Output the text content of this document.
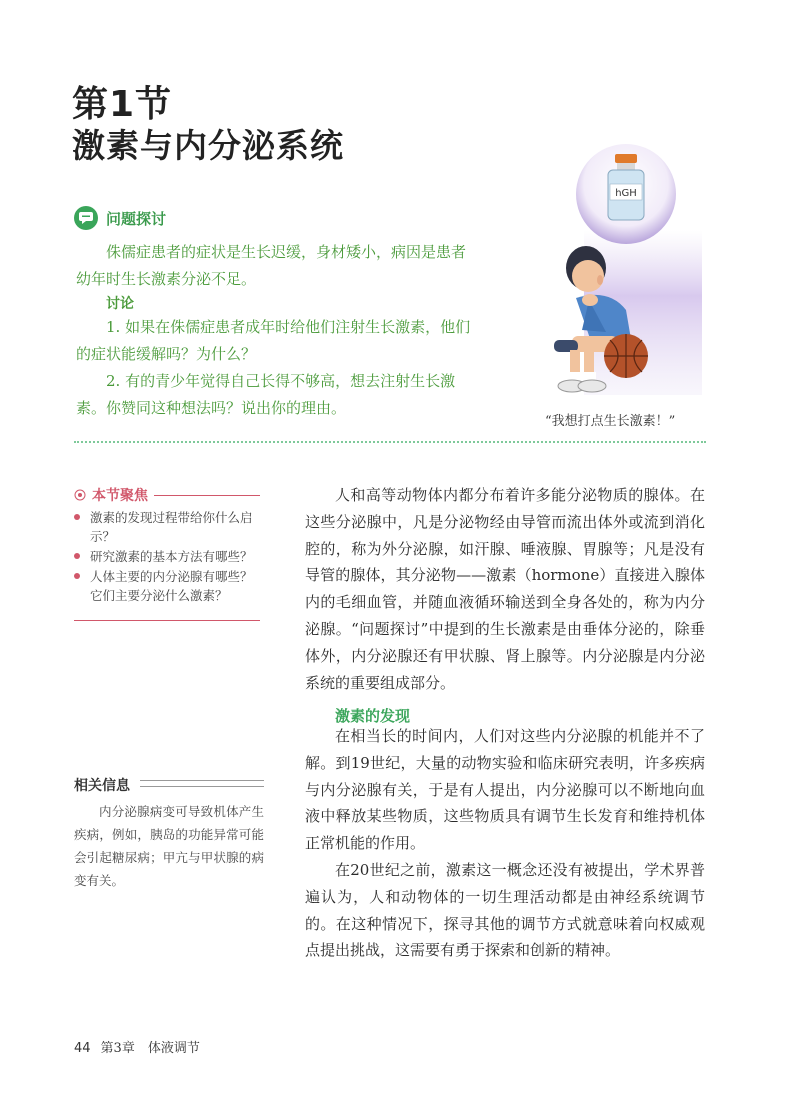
第1节
激素与内分泌系统
问题探讨
侏儒症患者的症状是生长迟缓，身材矮小，病因是患者幼年时生长激素分泌不足。
讨论
1. 如果在侏儒症患者成年时给他们注射生长激素，他们的症状能缓解吗？为什么？
2. 有的青少年觉得自己长得不够高，想去注射生长激素。你赞同这种想法吗？说出你的理由。
hGH
“我想打点生长激素！”
本节聚焦
激素的发现过程带给你什么启示？
研究激素的基本方法有哪些？
人体主要的内分泌腺有哪些？它们主要分泌什么激素？
相关信息
内分泌腺病变可导致机体产生疾病，例如，胰岛的功能异常可能会引起糖尿病；甲亢与甲状腺的病变有关。
人和高等动物体内都分布着许多能分泌物质的腺体。在这些分泌腺中，凡是分泌物经由导管而流出体外或流到消化腔的，称为外分泌腺，如汗腺、唾液腺、胃腺等；凡是没有导管的腺体，其分泌物——激素（hormone）直接进入腺体内的毛细血管，并随血液循环输送到全身各处的，称为内分泌腺。“问题探讨”中提到的生长激素是由垂体分泌的，除垂体外，内分泌腺还有甲状腺、肾上腺等。内分泌腺是内分泌系统的重要组成部分。
激素的发现
在相当长的时间内，人们对这些内分泌腺的机能并不了解。到19世纪，大量的动物实验和临床研究表明，许多疾病与内分泌腺有关，于是有人提出，内分泌腺可以不断地向血液中释放某些物质，这些物质具有调节生长发育和维持机体正常机能的作用。
在20世纪之前，激素这一概念还没有被提出，学术界普遍认为，人和动物体的一切生理活动都是由神经系统调节的。在这种情况下，探寻其他的调节方式就意味着向权威观点提出挑战，这需要有勇于探索和创新的精神。
44 第3章　体液调节
